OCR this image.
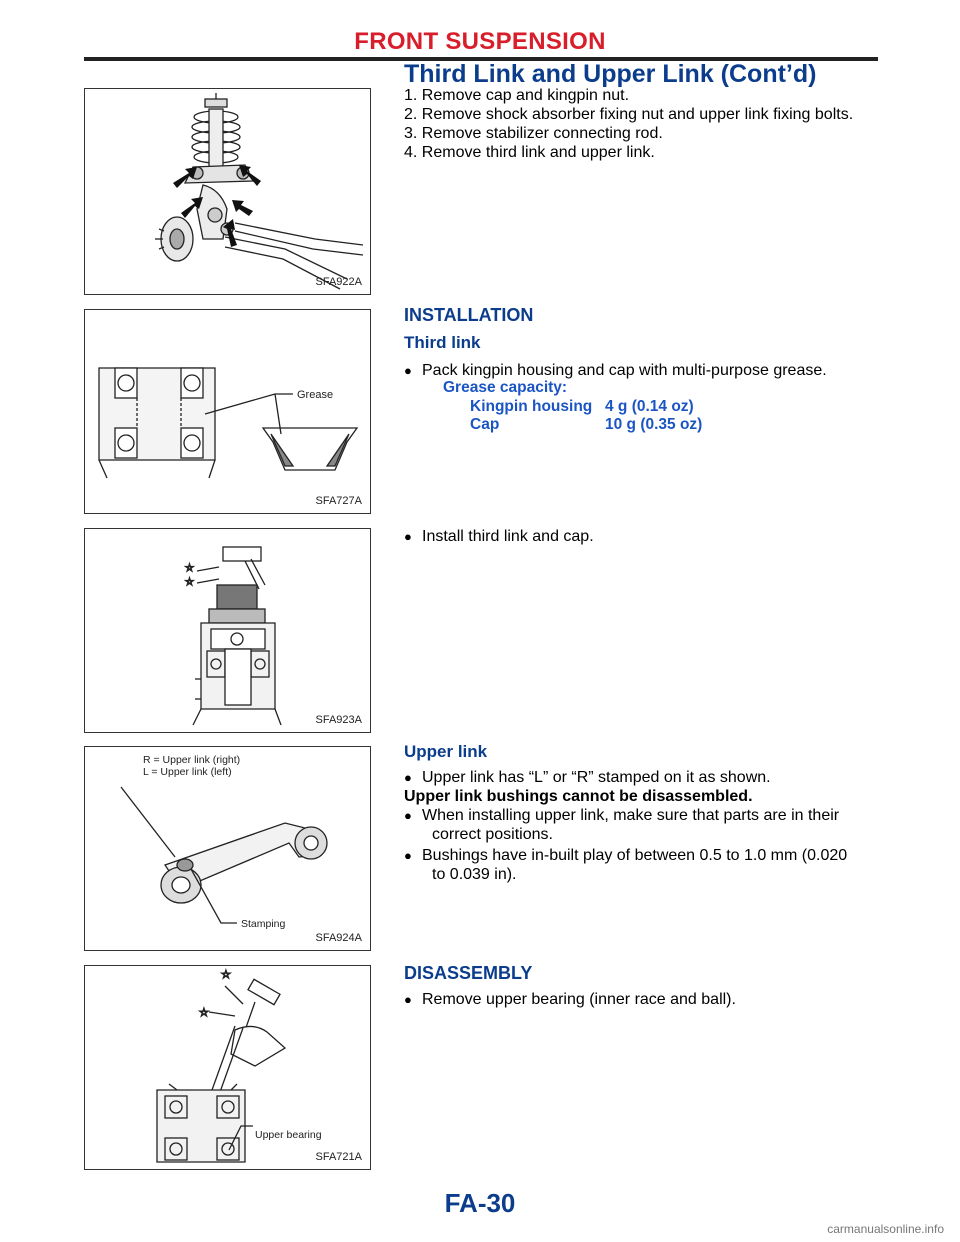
FRONT SUSPENSION
Third Link and Upper Link (Cont’d)
SFA922A
1. Remove cap and kingpin nut.
2. Remove shock absorber fixing nut and upper link fixing bolts.
3. Remove stabilizer connecting rod.
4. Remove third link and upper link.
Grease
SFA727A
INSTALLATION
Third link
● Pack kingpin housing and cap with multi-purpose grease.
Grease capacity:
Kingpin housing 4 g (0.14 oz)
Cap	10 g (0.35 oz)
☆
☆
SFA923A
● Install third link and cap.
R = Upper link (right)
L = Upper link (left)
Stamping
SFA924A
Upper link
● Upper link has “L” or “R” stamped on it as shown.
Upper link bushings cannot be disassembled.
● When installing upper link, make sure that parts are in their
correct positions.
● Bushings have in-built play of between 0.5 to 1.0 mm (0.020
to 0.039 in).
☆
☆
Upper bearing
SFA721A
DISASSEMBLY
● Remove upper bearing (inner race and ball).
FA-30
carmanualsonline.info
